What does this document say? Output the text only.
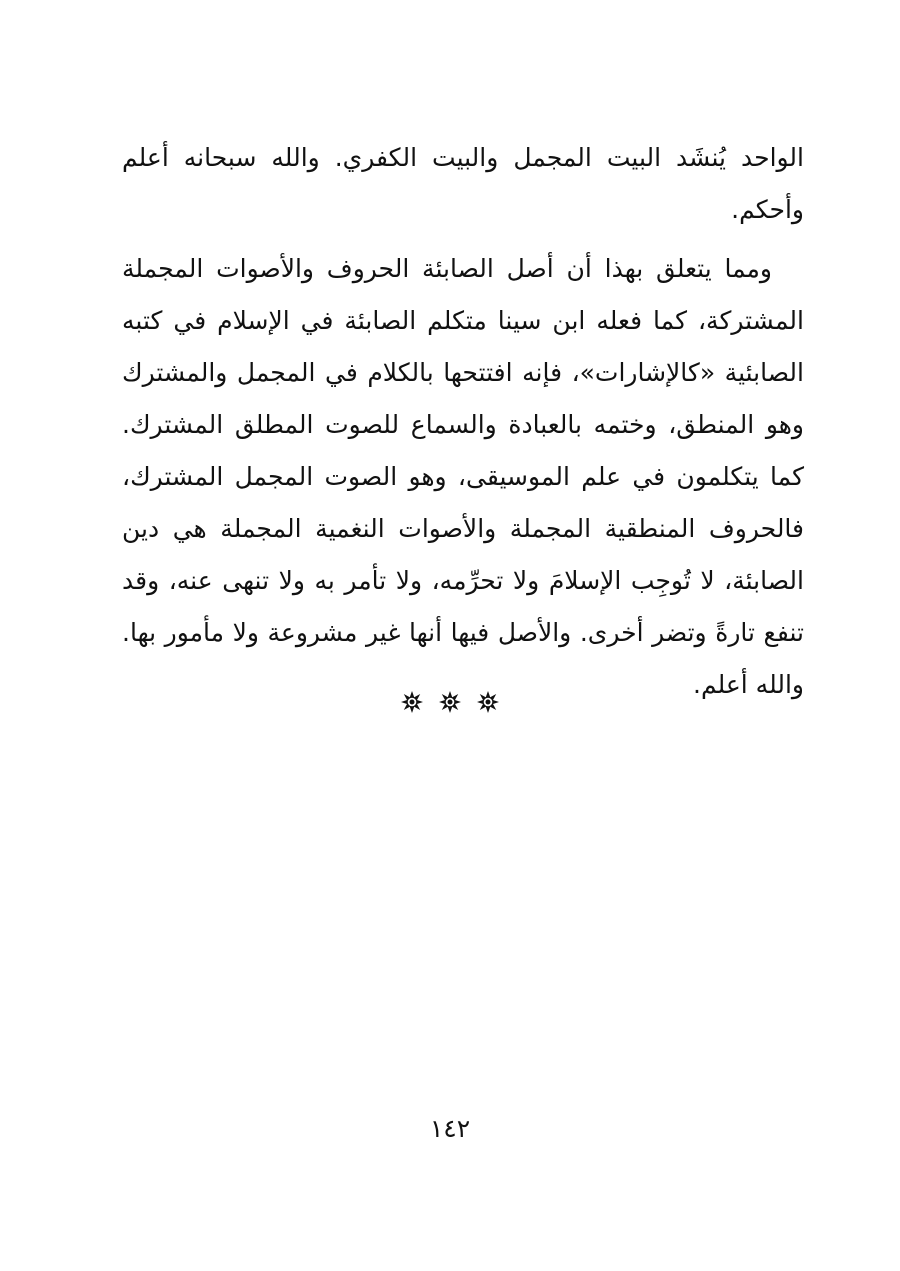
الواحد يُنشَد البيت المجمل والبيت الكفري. والله سبحانه أعلم وأحكم.

ومما يتعلق بهذا أن أصل الصابئة الحروف والأصوات المجملة المشتركة، كما فعله ابن سينا متكلم الصابئة في الإسلام في كتبه الصابئية «كالإشارات»، فإنه افتتحها بالكلام في المجمل والمشترك وهو المنطق، وختمه بالعبادة والسماع للصوت المطلق المشترك. كما يتكلمون في علم الموسيقى، وهو الصوت المجمل المشترك، فالحروف المنطقية المجملة والأصوات النغمية المجملة هي دين الصابئة، لا تُوجِب الإسلامَ ولا تحرِّمه، ولا تأمر به ولا تنهى عنه، وقد تنفع تارةً وتضر أخرى. والأصل فيها أنها غير مشروعة ولا مأمور بها. والله أعلم.

١٤٢
